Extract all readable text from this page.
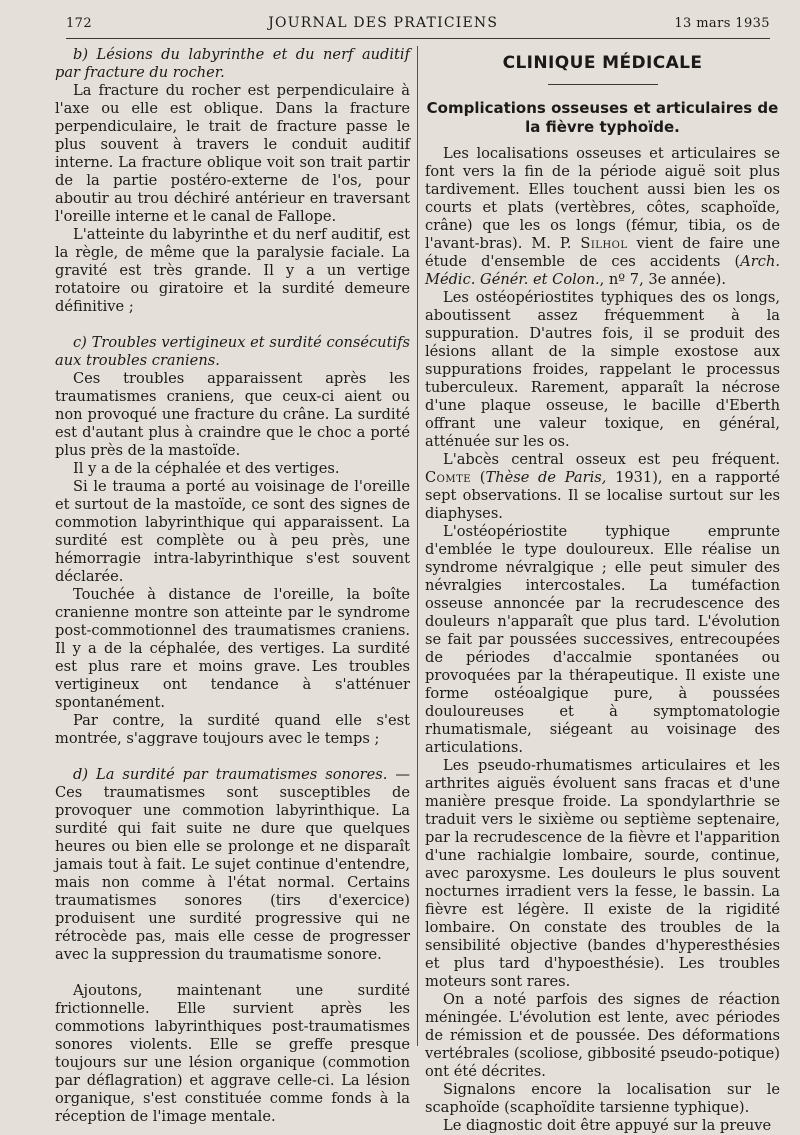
172	JOURNAL DES PRATICIENS	13 mars 1935

b) Lésions du labyrinthe et du nerf auditif par fracture du rocher.

La fracture du rocher est perpendiculaire à l'axe ou elle est oblique. Dans la fracture perpendiculaire, le trait de fracture passe le plus souvent à travers le conduit auditif interne. La fracture oblique voit son trait partir de la partie postéro-externe de l'os, pour aboutir au trou déchiré antérieur en traversant l'oreille interne et le canal de Fallope.

L'atteinte du labyrinthe et du nerf auditif, est la règle, de même que la paralysie faciale. La gravité est très grande. Il y a un vertige rotatoire ou giratoire et la surdité demeure définitive ;

c) Troubles vertigineux et surdité consécutifs aux troubles craniens.

Ces troubles apparaissent après les traumatismes craniens, que ceux-ci aient ou non provoqué une fracture du crâne. La surdité est d'autant plus à craindre que le choc a porté plus près de la mastoïde.

Il y a de la céphalée et des vertiges.

Si le trauma a porté au voisinage de l'oreille et surtout de la mastoïde, ce sont des signes de commotion labyrinthique qui apparaissent. La surdité est complète ou à peu près, une hémorragie intra-labyrinthique s'est souvent déclarée.

Touchée à distance de l'oreille, la boîte cranienne montre son atteinte par le syndrome post-commotionnel des traumatismes craniens. Il y a de la céphalée, des vertiges. La surdité est plus rare et moins grave. Les troubles vertigineux ont tendance à s'atténuer spontanément.

Par contre, la surdité quand elle s'est montrée, s'aggrave toujours avec le temps ;

d) La surdité par traumatismes sonores. — Ces traumatismes sont susceptibles de provoquer une commotion labyrinthique. La surdité qui fait suite ne dure que quelques heures ou bien elle se prolonge et ne disparaît jamais tout à fait. Le sujet continue d'entendre, mais non comme à l'état normal. Certains traumatismes sonores (tirs d'exercice) produisent une surdité progressive qui ne rétrocède pas, mais elle cesse de progresser avec la suppression du traumatisme sonore.

Ajoutons, maintenant une surdité frictionnelle. Elle survient après les commotions labyrinthiques post-traumatismes sonores violents. Elle se greffe presque toujours sur une lésion organique (commotion par déflagration) et aggrave celle-ci. La lésion organique, s'est constituée comme fonds à la réception de l'image mentale.

CLINIQUE MÉDICALE
Complications osseuses et articulaires de la fièvre typhoïde.

Les localisations osseuses et articulaires se font vers la fin de la période aiguë soit plus tardivement. Elles touchent aussi bien les os courts et plats (vertèbres, côtes, scaphoïde, crâne) que les os longs (fémur, tibia, os de l'avant-bras). M. P. Silhol vient de faire une étude d'ensemble de ces accidents (Arch. Médic. Génér. et Colon., nº 7, 3e année).

Les ostéopériostites typhiques des os longs, aboutissent assez fréquemment à la suppuration. D'autres fois, il se produit des lésions allant de la simple exostose aux suppurations froides, rappelant le processus tuberculeux. Rarement, apparaît la nécrose d'une plaque osseuse, le bacille d'Eberth offrant une valeur toxique, en général, atténuée sur les os.

L'abcès central osseux est peu fréquent. Comte (Thèse de Paris, 1931), en a rapporté sept observations. Il se localise surtout sur les diaphyses.

L'ostéopériostite typhique emprunte d'emblée le type douloureux. Elle réalise un syndrome névralgique ; elle peut simuler des névralgies intercostales. La tuméfaction osseuse annoncée par la recrudescence des douleurs n'apparaît que plus tard. L'évolution se fait par poussées successives, entrecoupées de périodes d'accalmie spontanées ou provoquées par la thérapeutique. Il existe une forme ostéoalgique pure, à poussées douloureuses et à symptomatologie rhumatismale, siégeant au voisinage des articulations.

Les pseudo-rhumatismes articulaires et les arthrites aiguës évoluent sans fracas et d'une manière presque froide. La spondylarthrie se traduit vers le sixième ou septième septenaire, par la recrudescence de la fièvre et l'apparition d'une rachialgie lombaire, sourde, continue, avec paroxysme. Les douleurs le plus souvent nocturnes irradient vers la fesse, le bassin. La fièvre est légère. Il existe de la rigidité lombaire. On constate des troubles de la sensibilité objective (bandes d'hyperesthésies et plus tard d'hypoesthésie). Les troubles moteurs sont rares.

On a noté parfois des signes de réaction méningée. L'évolution est lente, avec périodes de rémission et de poussée. Des déformations vertébrales (scoliose, gibbosité pseudo-potique) ont été décrites.

Signalons encore la localisation sur le scaphoïde (scaphoïdite tarsienne typhique).

Le diagnostic doit être appuyé sur la preuve
